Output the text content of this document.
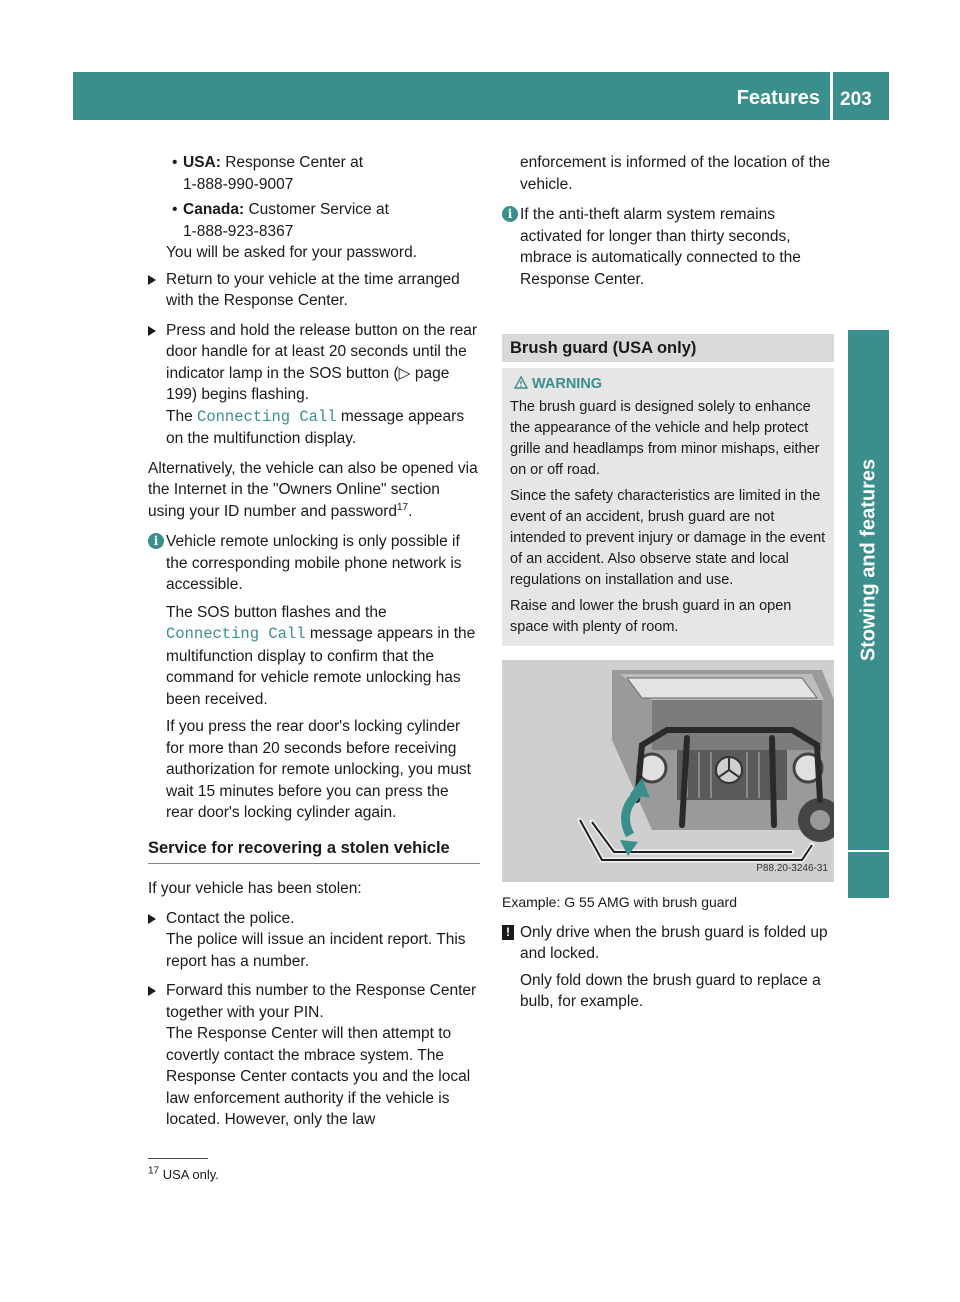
Features 203
Stowing and features
• USA: Response Center at
1-888-990-9007
• Canada: Customer Service at
1-888-923-8367

You will be asked for your password.

Return to your vehicle at the time arranged with the Response Center.
Press and hold the release button on the rear door handle for at least 20 seconds until the indicator lamp in the SOS button (▷ page 199) begins flashing.
The Connecting Call message appears on the multifunction display.

Alternatively, the vehicle can also be opened via the Internet in the "Owners Online" section using your ID number and password$^{17}$.

i Vehicle remote unlocking is only possible if the corresponding mobile phone network is accessible.

The SOS button flashes and the Connecting Call message appears in the multifunction display to confirm that the command for vehicle remote unlocking has been received.

If you press the rear door's locking cylinder for more than 20 seconds before receiving authorization for remote unlocking, you must wait 15 minutes before you can press the rear door's locking cylinder again.

Service for recovering a stolen vehicle

If your vehicle has been stolen:

Contact the police.
The police will issue an incident report. This report has a number.
Forward this number to the Response Center together with your PIN.
The Response Center will then attempt to covertly contact the mbrace system. The Response Center contacts you and the local law enforcement authority if the vehicle is located. However, only the law

enforcement is informed of the location of the vehicle.

i If the anti-theft alarm system remains activated for longer than thirty seconds, mbrace is automatically connected to the Response Center.

Brush guard (USA only)
WARNING

The brush guard is designed solely to enhance the appearance of the vehicle and help protect grille and headlamps from minor mishaps, either on or off road.

Since the safety characteristics are limited in the event of an accident, brush guard are not intended to prevent injury or damage in the event of an accident. Also observe state and local regulations on installation and use.

Raise and lower the brush guard in an open space with plenty of room.

P88.20-3246-31

Example: G 55 AMG with brush guard

! Only drive when the brush guard is folded up and locked.

Only fold down the brush guard to replace a bulb, for example.

$^{17}$ USA only.
